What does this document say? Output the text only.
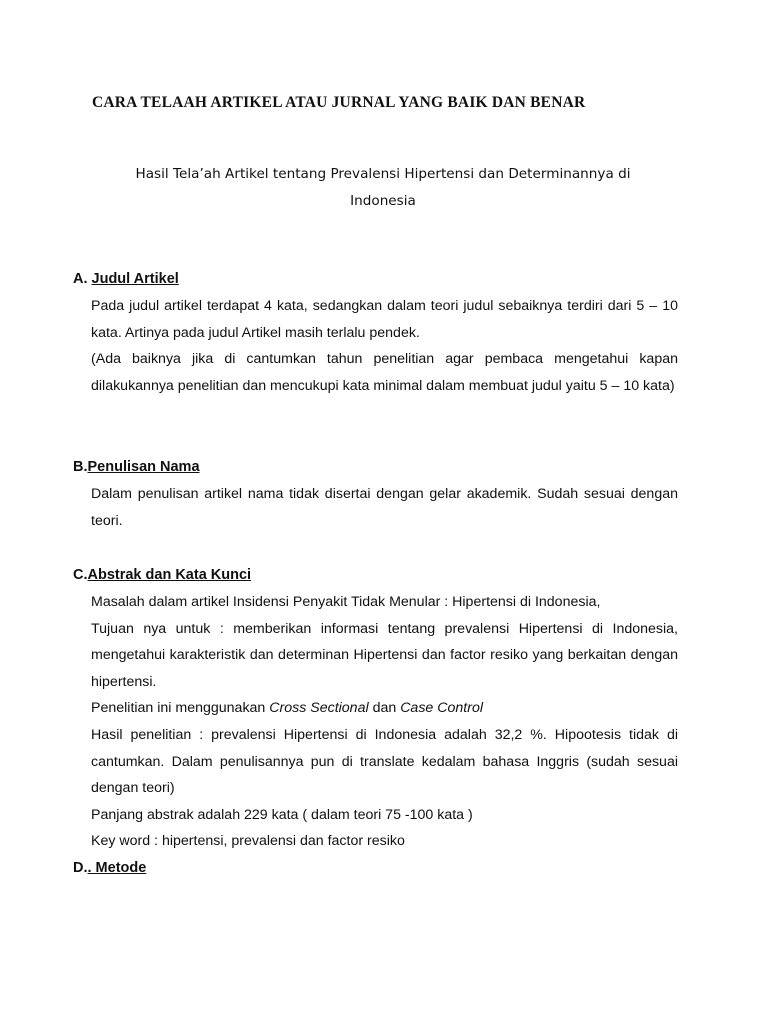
CARA TELAAH ARTIKEL ATAU JURNAL YANG BAIK DAN BENAR
Hasil Tela’ah Artikel tentang Prevalensi Hipertensi dan Determinannya di
Indonesia
A. Judul Artikel

Pada judul artikel terdapat 4 kata, sedangkan dalam teori judul sebaiknya terdiri dari 5 – 10 kata. Artinya pada judul Artikel masih terlalu pendek.

(Ada baiknya jika di cantumkan tahun penelitian agar pembaca mengetahui kapan dilakukannya penelitian dan mencukupi kata minimal dalam membuat judul yaitu 5 – 10 kata)

B.Penulisan Nama

Dalam penulisan artikel nama tidak disertai dengan gelar akademik. Sudah sesuai dengan teori.

C.Abstrak dan Kata Kunci

Masalah dalam artikel Insidensi Penyakit Tidak Menular : Hipertensi di Indonesia,

Tujuan nya untuk : memberikan informasi tentang prevalensi Hipertensi di Indonesia, mengetahui karakteristik dan determinan Hipertensi dan factor resiko yang berkaitan dengan hipertensi.

Penelitian ini menggunakan Cross Sectional dan Case Control

Hasil penelitian : prevalensi Hipertensi di Indonesia adalah 32,2 %. Hipootesis tidak di cantumkan. Dalam penulisannya pun di translate kedalam bahasa Inggris (sudah sesuai dengan teori)

Panjang abstrak adalah 229 kata ( dalam teori 75 -100 kata )

Key word : hipertensi, prevalensi dan factor resiko

D.. Metode
